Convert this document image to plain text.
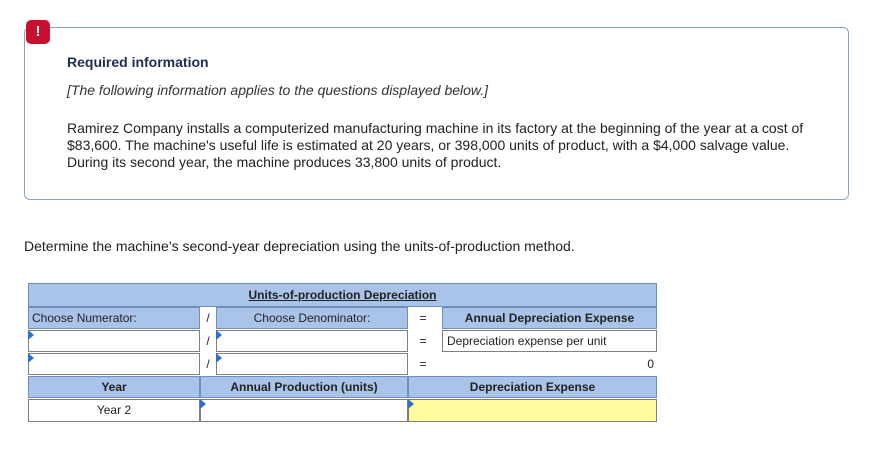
!
Required information
[The following information applies to the questions displayed below.]
Ramirez Company installs a computerized manufacturing machine in its factory at the beginning of the year at a cost of $83,600. The machine's useful life is estimated at 20 years, or 398,000 units of product, with a $4,000 salvage value. During its second year, the machine produces 33,800 units of product.
Determine the machine’s second-year depreciation using the units-of-production method.
Units-of-production Depreciation
Choose Numerator:	/	Choose Denominator:	=	Annual Depreciation Expense
/	=	Depreciation expense per unit
/	=	0
Year	Annual Production (units)	Depreciation Expense
Year 2
